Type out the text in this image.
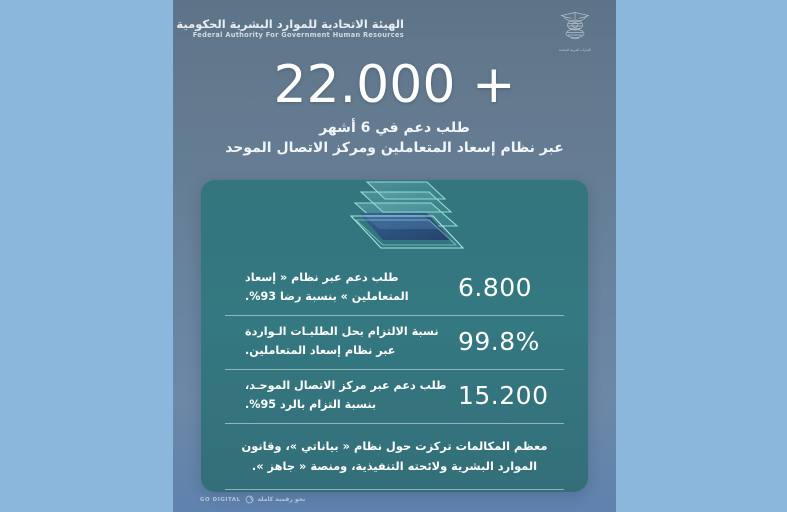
الهيئة الاتحادية للموارد البشرية الحكومية
Federal Authority For Government Human Resources
الإمارات العربية المتحدة
22.000 +
طلب دعم في 6 أشهر
عبر نظام إسعاد المتعاملين ومركز الاتصال الموحد
6.800
طلب دعم عبر نظام « إسعاد المتعاملين » بنسبة رضا 93%.
99.8%
نسبة الالتزام بحل الطلبـات الـواردة عبر نظام إسعاد المتعاملين.
15.200
طلب دعم عبر مركز الاتصال الموحـد، بنسبة التزام بالرد 95%.
معظم المكالمات تركزت حول نظام « بياناتي »، وقانون الموارد البشرية ولائحته التنفيذية، ومنصة « جاهز ».
GO DIGITAL	نحو رقمنة كاملة
